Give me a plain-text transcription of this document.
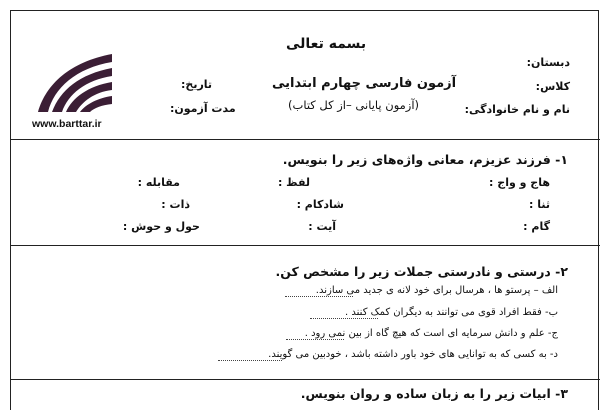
بسمه تعالی
دبستان:
کلاس:
نام و نام خانوادگی:
آزمون فارسی چهارم ابتدایی
(آزمون پایانی –از کل کتاب)
تاریخ:
مدت آزمون:
www.barttar.ir
۱- فرزند عزیزم، معانی واژه‌های زیر را بنویس.
هاج و واج :
لفظ :
مقابله :
ثنا :
شادکام :
ذات :
گام :
آیت :
حول و حوش :
۲- درستی و نادرستی جملات زیر را مشخص کن.
الف – پرستو ها ، هرسال برای خود لانه ی جدید می سازند.
ب- فقط افراد قوی می توانند به دیگران کمک کنند .
ج- علم و دانش سرمایه ای است که هیچ گاه از بین نمی رود .
د- به کسی که به توانایی های خود باور داشته باشد ، خودبین می گویند.
۳- ابیات زیر را به زبان ساده و روان بنویس.
